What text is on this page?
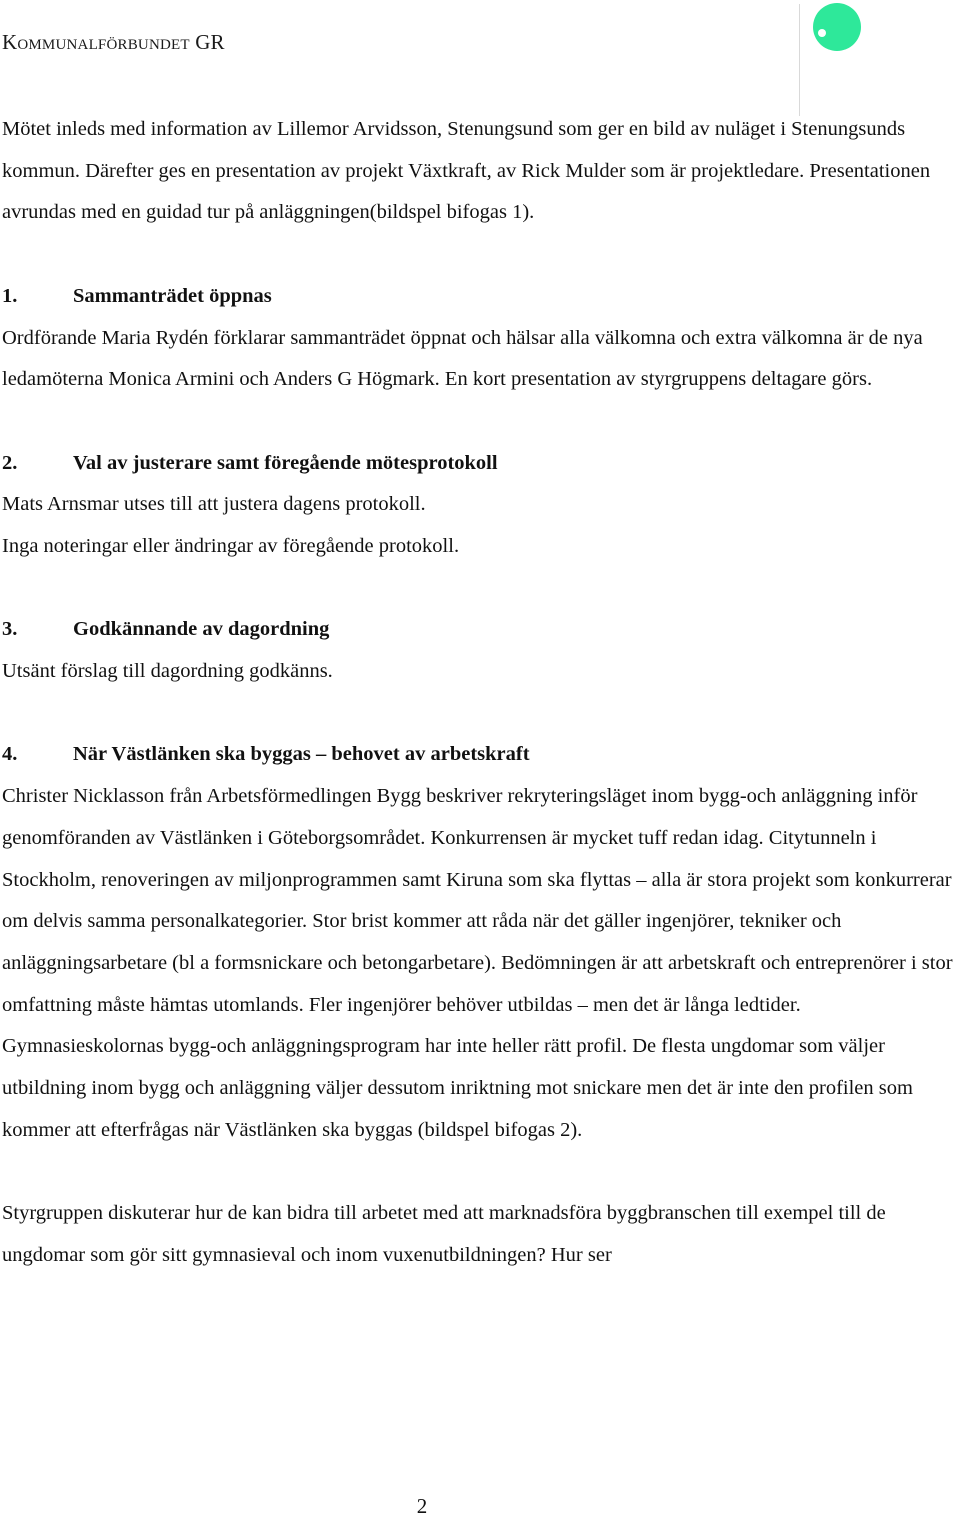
Kommunalförbundet GR

Mötet inleds med information av Lillemor Arvidsson, Stenungsund som ger en bild av nuläget i Stenungsunds kommun. Därefter ges en presentation av projekt Växtkraft, av Rick Mulder som är projektledare. Presentationen avrundas med en guidad tur på anläggningen(bildspel bifogas 1).

1.	Sammanträdet öppnas

Ordförande Maria Rydén förklarar sammanträdet öppnat och hälsar alla välkomna och extra välkomna är de nya ledamöterna Monica Armini och Anders G Högmark. En kort presentation av styrgruppens deltagare görs.

2.	Val av justerare samt föregående mötesprotokoll

Mats Arnsmar utses till att justera dagens protokoll.

Inga noteringar eller ändringar av föregående protokoll.

3.	Godkännande av dagordning

Utsänt förslag till dagordning godkänns.

4.	När Västlänken ska byggas – behovet av arbetskraft

Christer Nicklasson från Arbetsförmedlingen Bygg beskriver rekryteringsläget inom bygg-och anläggning inför genomföranden av Västlänken i Göteborgsområdet. Konkurrensen är mycket tuff redan idag. Citytunneln i Stockholm, renoveringen av miljonprogrammen samt Kiruna som ska flyttas – alla är stora projekt som konkurrerar om delvis samma personalkategorier. Stor brist kommer att råda när det gäller ingenjörer, tekniker och anläggningsarbetare (bl a formsnickare och betongarbetare). Bedömningen är att arbetskraft och entreprenörer i stor omfattning måste hämtas utomlands. Fler ingenjörer behöver utbildas – men det är långa ledtider.

Gymnasieskolornas bygg-och anläggningsprogram har inte heller rätt profil. De flesta ungdomar som väljer utbildning inom bygg och anläggning väljer dessutom inriktning mot snickare men det är inte den profilen som kommer att efterfrågas när Västlänken ska byggas (bildspel bifogas 2).

Styrgruppen diskuterar hur de kan bidra till arbetet med att marknadsföra byggbranschen till exempel till de ungdomar som gör sitt gymnasieval och inom vuxenutbildningen? Hur ser

2
